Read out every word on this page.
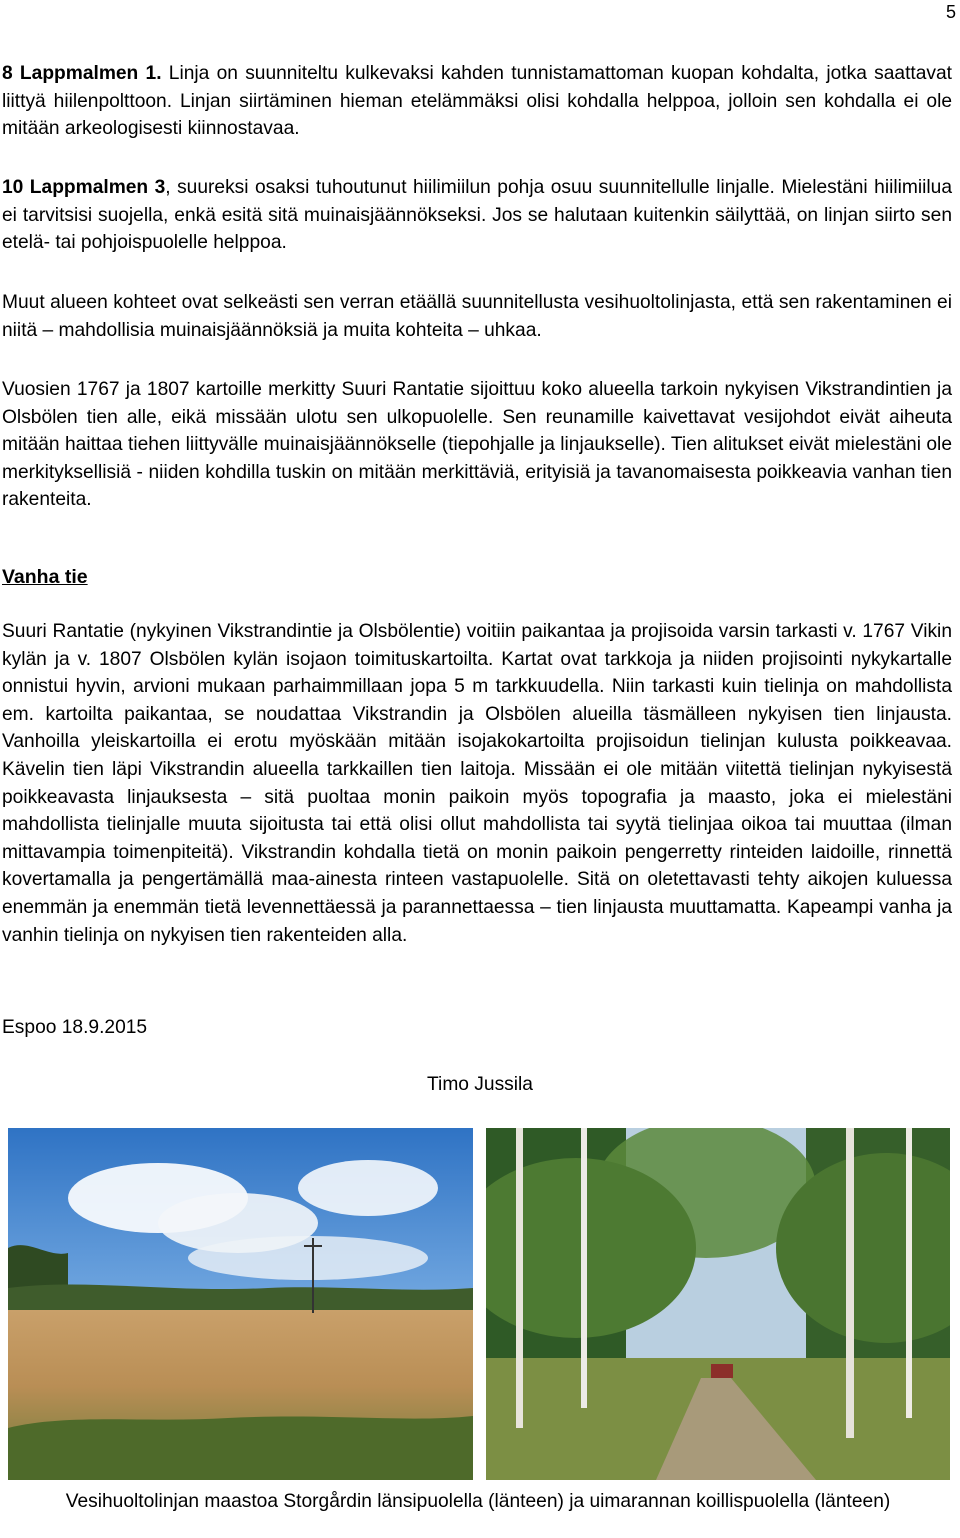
5

8 Lappmalmen 1. Linja on suunniteltu kulkevaksi kahden tunnistamattoman kuopan kohdalta, jotka saattavat liittyä hiilenpolttoon. Linjan siirtäminen hieman etelämmäksi olisi kohdalla helppoa, jolloin sen kohdalla ei ole mitään arkeologisesti kiinnostavaa.

10 Lappmalmen 3, suureksi osaksi tuhoutunut hiilimiilun pohja osuu suunnitellulle linjalle. Mielestäni hiilimiilua ei tarvitsisi suojella, enkä esitä sitä muinaisjäännökseksi. Jos se halutaan kuitenkin säilyttää, on linjan siirto sen etelä- tai pohjoispuolelle helppoa.

Muut alueen kohteet ovat selkeästi sen verran etäällä suunnitellusta vesihuoltolinjasta, että sen rakentaminen ei niitä – mahdollisia muinaisjäännöksiä ja muita kohteita – uhkaa.

Vuosien 1767 ja 1807 kartoille merkitty Suuri Rantatie sijoittuu koko alueella tarkoin nykyisen Vikstrandintien ja Olsbölen tien alle, eikä missään ulotu sen ulkopuolelle. Sen reunamille kaivettavat vesijohdot eivät aiheuta mitään haittaa tiehen liittyvälle muinaisjäännökselle (tiepohjalle ja linjaukselle). Tien alitukset eivät mielestäni ole merkityksellisiä - niiden kohdilla tuskin on mitään merkittäviä, erityisiä ja tavanomaisesta poikkeavia vanhan tien rakenteita.

Vanha tie

Suuri Rantatie (nykyinen Vikstrandintie ja Olsbölentie) voitiin paikantaa ja projisoida varsin tarkasti v. 1767 Vikin kylän ja v. 1807 Olsbölen kylän isojaon toimituskartoilta. Kartat ovat tarkkoja ja niiden projisointi nykykartalle onnistui hyvin, arvioni mukaan parhaimmillaan jopa 5 m tarkkuudella. Niin tarkasti kuin tielinja on mahdollista em. kartoilta paikantaa, se noudattaa Vikstrandin ja Olsbölen alueilla täsmälleen nykyisen tien linjausta. Vanhoilla yleiskartoilla ei erotu myöskään mitään isojakokartoilta projisoidun tielinjan kulusta poikkeavaa. Kävelin tien läpi Vikstrandin alueella tarkkaillen tien laitoja. Missään ei ole mitään viitettä tielinjan nykyisestä poikkeavasta linjauksesta – sitä puoltaa monin paikoin myös topografia ja maasto, joka ei mielestäni mahdollista tielinjalle muuta sijoitusta tai että olisi ollut mahdollista tai syytä tielinjaa oikoa tai muuttaa (ilman mittavampia toimenpiteitä). Vikstrandin kohdalla tietä on monin paikoin pengerretty rinteiden laidoille, rinnettä kovertamalla ja pengertämällä maa-ainesta rinteen vastapuolelle. Sitä on oletettavasti tehty aikojen kuluessa enemmän ja enemmän tietä levennettäessä ja parannettaessa – tien linjausta muuttamatta. Kapeampi vanha ja vanhin tielinja on nykyisen tien rakenteiden alla.

Espoo 18.9.2015
Timo Jussila

Vesihuoltolinjan maastoa Storgårdin länsipuolella (länteen) ja uimarannan koillispuolella (länteen)
